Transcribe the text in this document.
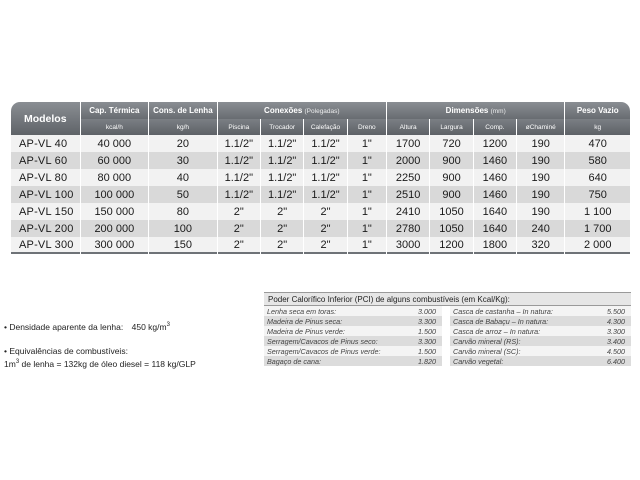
Modelos	Cap. Térmica	Cons. de Lenha	Conexões (Polegadas)				Dimensões (mm)				Peso Vazio
	kcal/h	kg/h	Piscina	Trocador	Calefação	Dreno	Altura	Largura	Comp.	øChaminé	kg
AP-VL 40	40 000	20	1.1/2"	1.1/2"	1.1/2"	1"	1700	720	1200	190	470
AP-VL 60	60 000	30	1.1/2"	1.1/2"	1.1/2"	1"	2000	900	1460	190	580
AP-VL 80	80 000	40	1.1/2"	1.1/2"	1.1/2"	1"	2250	900	1460	190	640
AP-VL 100	100 000	50	1.1/2"	1.1/2"	1.1/2"	1"	2510	900	1460	190	750
AP-VL 150	150 000	80	2"	2"	2"	1"	2410	1050	1640	190	1 100
AP-VL 200	200 000	100	2"	2"	2"	1"	2780	1050	1640	240	1 700
AP-VL 300	300 000	150	2"	2"	2"	1"	3000	1200	1800	320	2 000
• Densidade aparente da lenha: 450 $kg/m^3$
• Equivalências de combustíveis:
$1m^3$ de lenha = 132kg de óleo diesel = 118 kg/GLP
Poder Calorífico Inferior (PCI) de alguns combustíveis (em Kcal/Kg):
Lenha seca em toras:	3.000		Casca de castanha – In natura:	5.500
Madeira de Pinus seca:	3.300		Casca de Babaçu – In natura:	4.300
Madeira de Pinus verde:	1.500		Casca de arroz – In natura:	3.300
Serragem/Cavacos de Pinus seco:	3.300		Carvão mineral (RS):	3.400
Serragem/Cavacos de Pinus verde:	1.500		Carvão mineral (SC):	4.500
Bagaço de cana:	1.820		Carvão vegetal:	6.400
